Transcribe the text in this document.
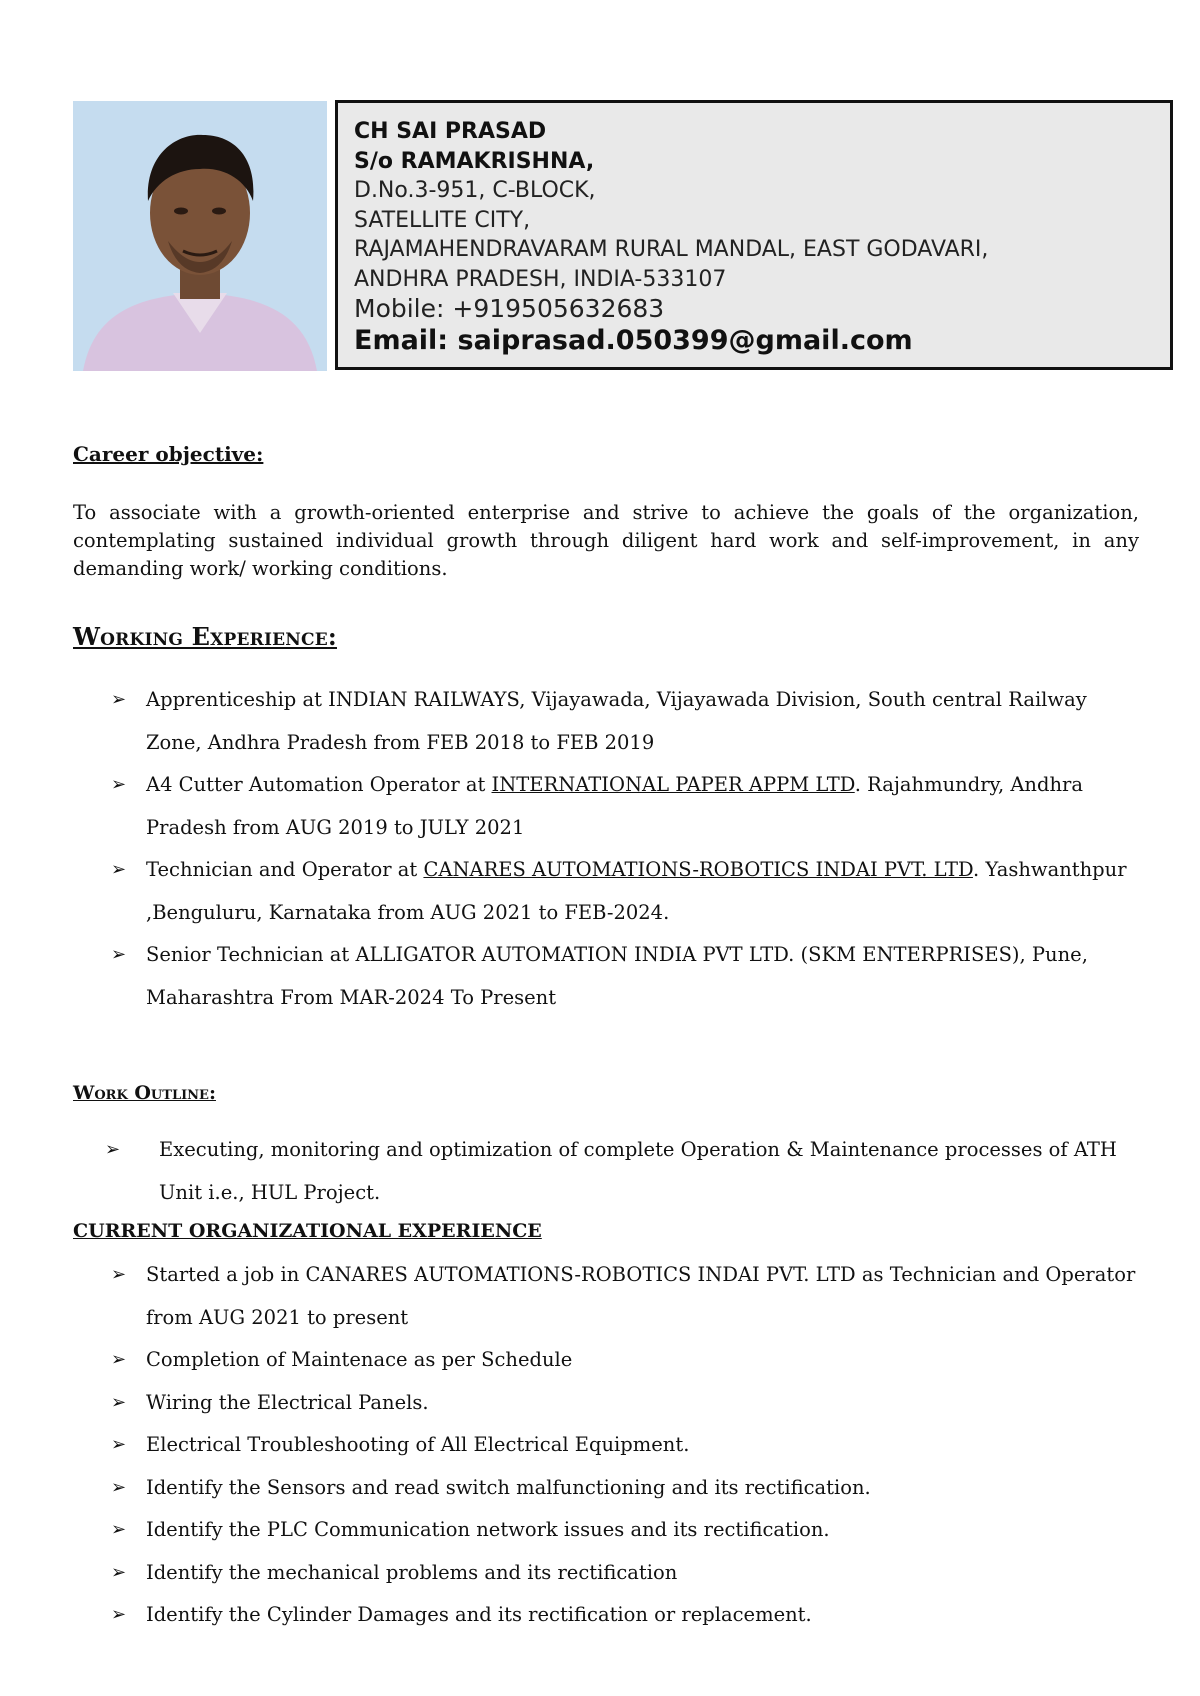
CH SAI PRASAD
S/o RAMAKRISHNA,
D.No.3-951, C-BLOCK,
SATELLITE CITY,
RAJAMAHENDRAVARAM RURAL MANDAL, EAST GODAVARI,
ANDHRA PRADESH, INDIA-533107
Mobile: +919505632683
Email: saiprasad.050399@gmail.com
Career objective:
To associate with a growth-oriented enterprise and strive to achieve the goals of the organization, contemplating sustained individual growth through diligent hard work and self-improvement, in any demanding work/ working conditions.
Working Experience:
➢ Apprenticeship at INDIAN RAILWAYS, Vijayawada, Vijayawada Division, South central Railway Zone, Andhra Pradesh from FEB 2018 to FEB 2019
➢ A4 Cutter Automation Operator at INTERNATIONAL PAPER APPM LTD. Rajahmundry, Andhra Pradesh from AUG 2019 to JULY 2021
➢ Technician and Operator at CANARES AUTOMATIONS-ROBOTICS INDAI PVT. LTD. Yashwanthpur ,Benguluru, Karnataka from AUG 2021 to FEB-2024.
➢ Senior Technician at ALLIGATOR AUTOMATION INDIA PVT LTD. (SKM ENTERPRISES), Pune, Maharashtra From MAR-2024 To Present
Work Outline:
➢ Executing, monitoring and optimization of complete Operation & Maintenance processes of ATH Unit i.e., HUL Project.
CURRENT ORGANIZATIONAL EXPERIENCE
➢ Started a job in CANARES AUTOMATIONS-ROBOTICS INDAI PVT. LTD as Technician and Operator from AUG 2021 to present
➢ Completion of Maintenace as per Schedule
➢ Wiring the Electrical Panels.
➢ Electrical Troubleshooting of All Electrical Equipment.
➢ Identify the Sensors and read switch malfunctioning and its rectification.
➢ Identify the PLC Communication network issues and its rectification.
➢ Identify the mechanical problems and its rectification
➢ Identify the Cylinder Damages and its rectification or replacement.
